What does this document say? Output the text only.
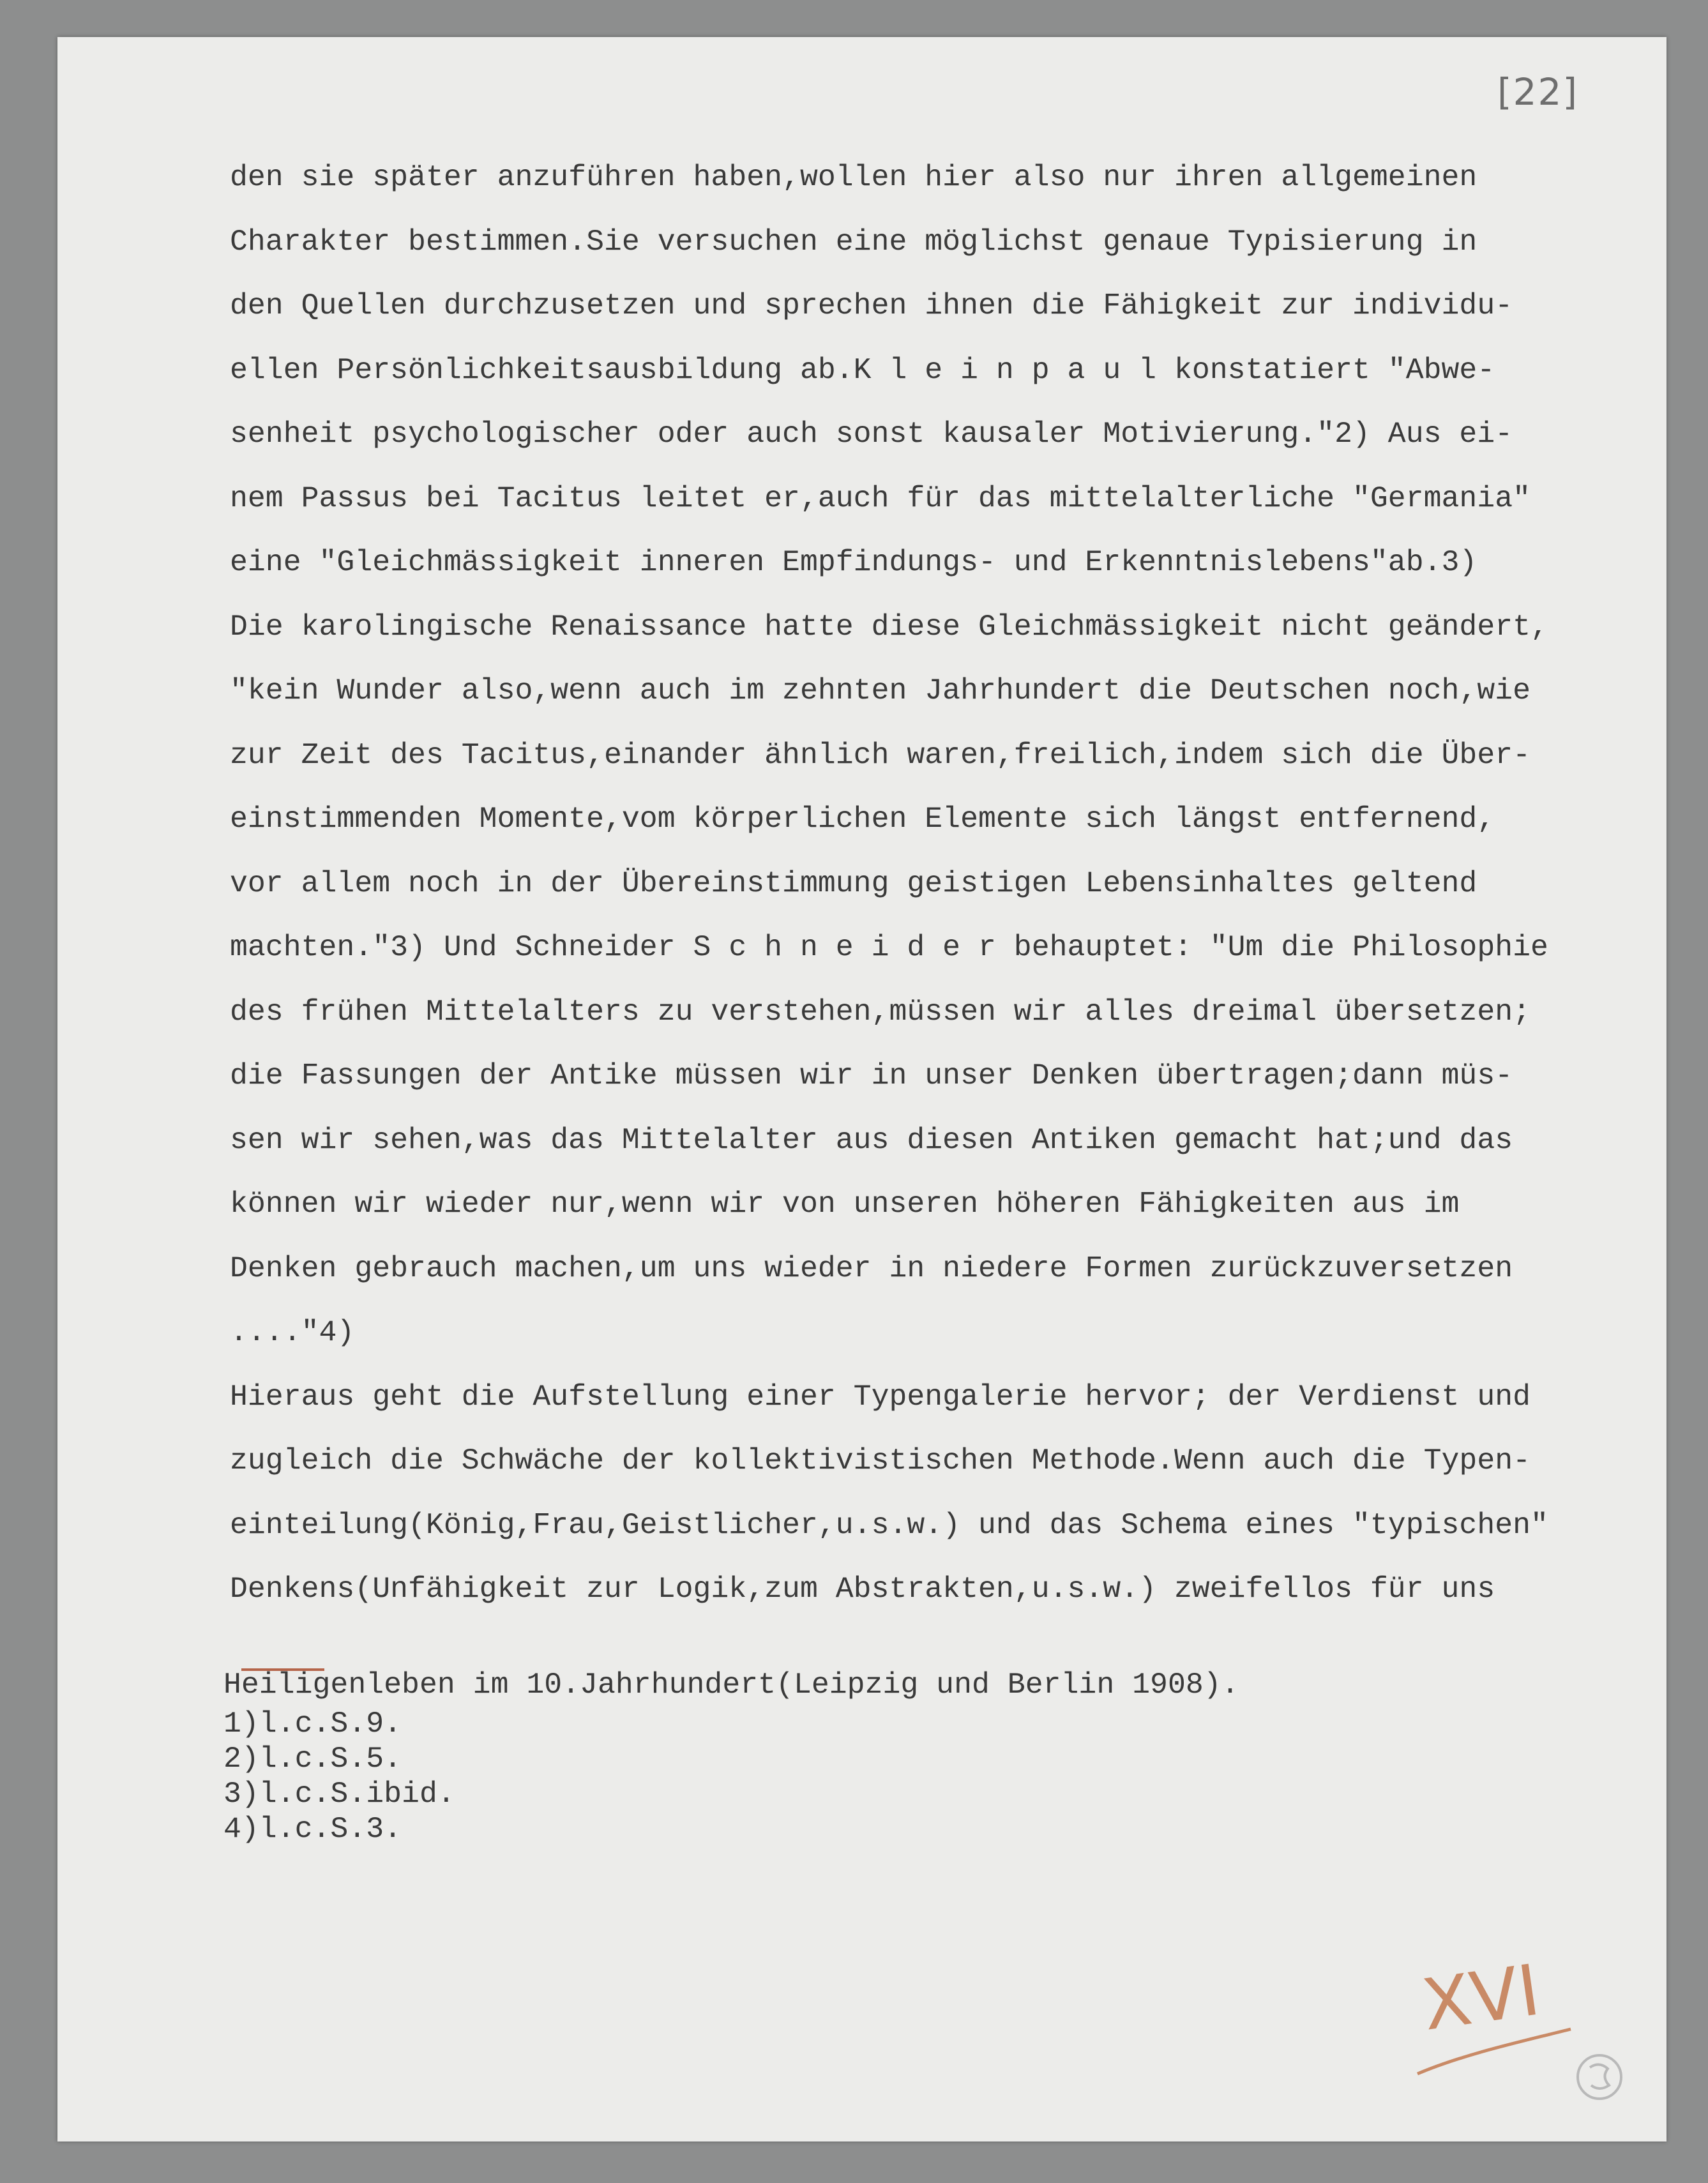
[22]
den sie später anzuführen haben,wollen hier also nur ihren allgemeinen
Charakter bestimmen.Sie versuchen eine möglichst genaue Typisierung in
den Quellen durchzusetzen und sprechen ihnen die Fähigkeit zur individu-
ellen Persönlichkeitsausbildung ab.K l e i n p a u l konstatiert "Abwe-
senheit psychologischer oder auch sonst kausaler Motivierung."2) Aus ei-
nem Passus bei Tacitus leitet er,auch für das mittelalterliche "Germania"
eine "Gleichmässigkeit inneren Empfindungs- und Erkenntnislebens"ab.3)
Die karolingische Renaissance hatte diese Gleichmässigkeit nicht geändert,
"kein Wunder also,wenn auch im zehnten Jahrhundert die Deutschen noch,wie
zur Zeit des Tacitus,einander ähnlich waren,freilich,indem sich die Über-
einstimmenden Momente,vom körperlichen Elemente sich längst entfernend,
vor allem noch in der Übereinstimmung geistigen Lebensinhaltes geltend
machten."3) Und Schneider S c h n e i d e r behauptet: "Um die Philosophie
des frühen Mittelalters zu verstehen,müssen wir alles dreimal übersetzen;
die Fassungen der Antike müssen wir in unser Denken übertragen;dann müs-
sen wir sehen,was das Mittelalter aus diesen Antiken gemacht hat;und das
können wir wieder nur,wenn wir von unseren höheren Fähigkeiten aus im
Denken gebrauch machen,um uns wieder in niedere Formen zurückzuversetzen
...."4)
Hieraus geht die Aufstellung einer Typengalerie hervor; der Verdienst und
zugleich die Schwäche der kollektivistischen Methode.Wenn auch die Typen-
einteilung(König,Frau,Geistlicher,u.s.w.) und das Schema eines "typischen"
Denkens(Unfähigkeit zur Logik,zum Abstrakten,u.s.w.) zweifellos für uns
Heiligenleben im 10.Jahrhundert(Leipzig und Berlin 1908).
1)l.c.S.9.
2)l.c.S.5.
3)l.c.S.ibid.
4)l.c.S.3.
XVI
